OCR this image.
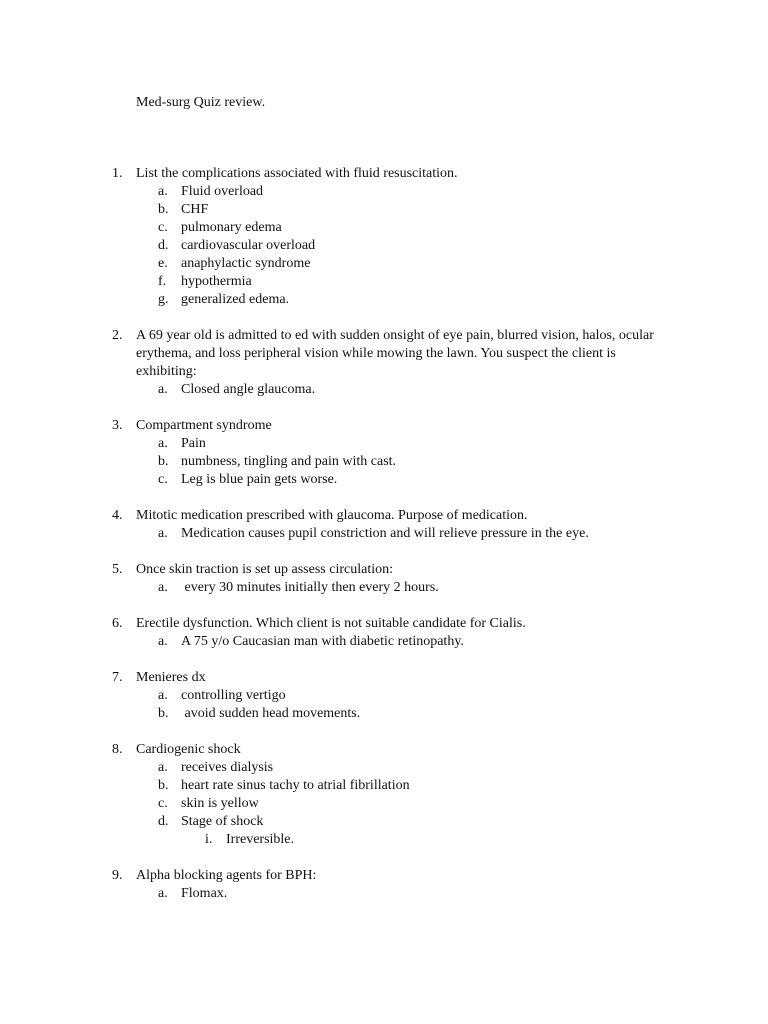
Med-surg Quiz review.
1. List the complications associated with fluid resuscitation.
a. Fluid overload
b. CHF
c. pulmonary edema
d. cardiovascular overload
e. anaphylactic syndrome
f. hypothermia
g. generalized edema.
2. A 69 year old is admitted to ed with sudden onsight of eye pain, blurred vision, halos, ocular erythema, and loss peripheral vision while mowing the lawn. You suspect the client is exhibiting:
a. Closed angle glaucoma.
3. Compartment syndrome
a. Pain
b. numbness, tingling and pain with cast.
c. Leg is blue pain gets worse.
4. Mitotic medication prescribed with glaucoma. Purpose of medication.
a. Medication causes pupil constriction and will relieve pressure in the eye.
5. Once skin traction is set up assess circulation:
a. every 30 minutes initially then every 2 hours.
6. Erectile dysfunction. Which client is not suitable candidate for Cialis.
a. A 75 y/o Caucasian man with diabetic retinopathy.
7. Menieres dx
a. controlling vertigo
b. avoid sudden head movements.
8. Cardiogenic shock
a. receives dialysis
b. heart rate sinus tachy to atrial fibrillation
c. skin is yellow
d. Stage of shock
i. Irreversible.
9. Alpha blocking agents for BPH:
a. Flomax.
